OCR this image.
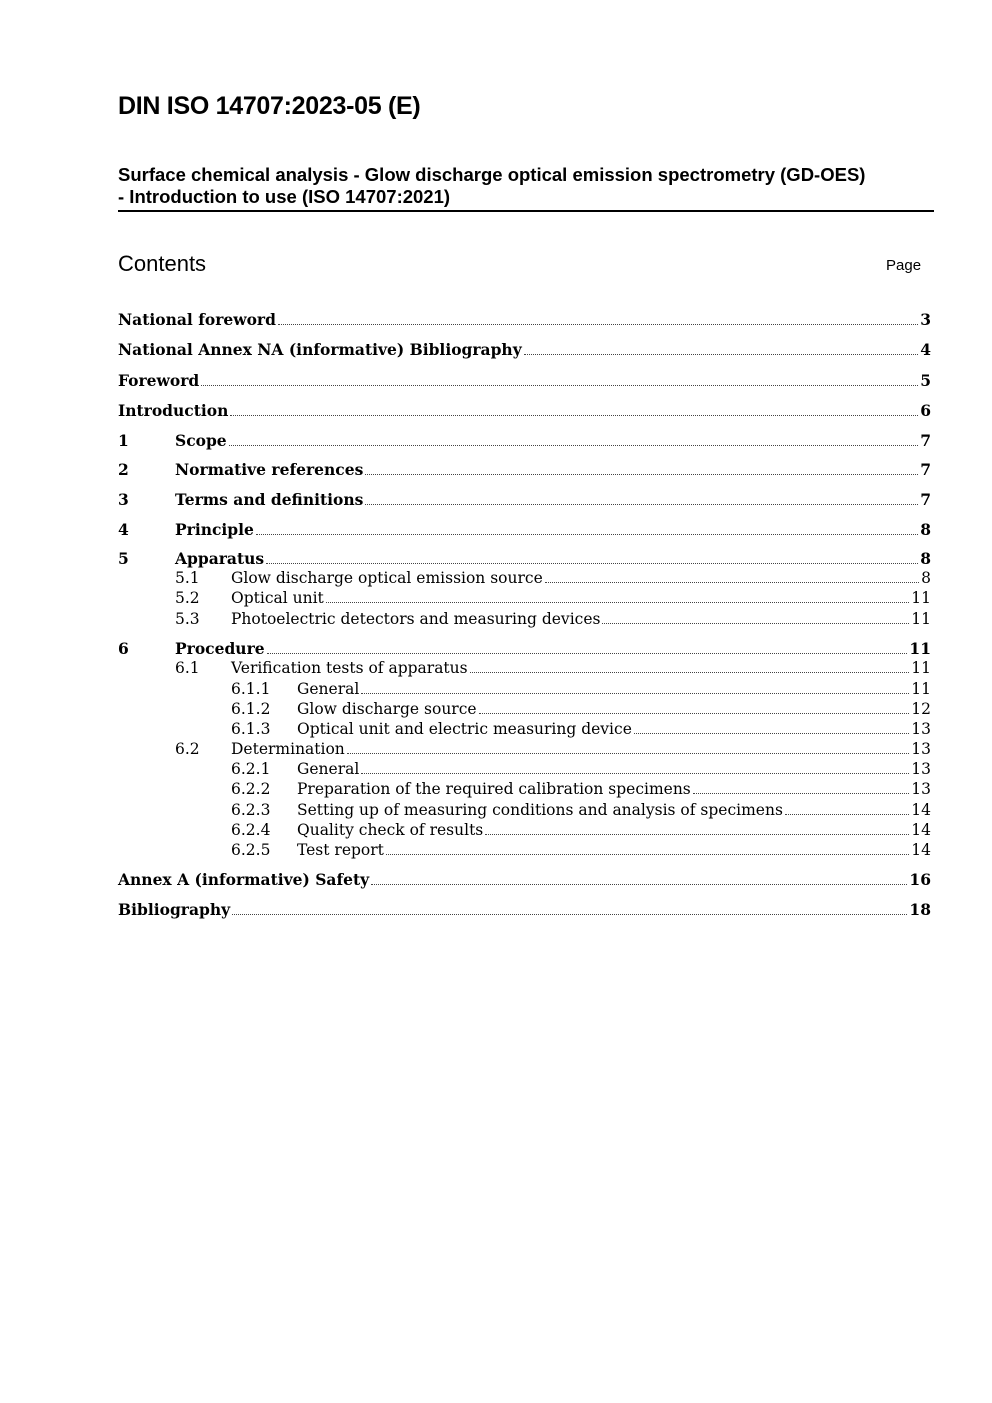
DIN ISO 14707:2023-05 (E)
Surface chemical analysis - Glow discharge optical emission spectrometry (GD-OES)
- Introduction to use (ISO 14707:2021)
Contents	Page
National foreword	3
National Annex NA (informative) Bibliography	4
Foreword	5
Introduction	6
1	Scope	7
2	Normative references	7
3	Terms and definitions	7
4	Principle	8
5	Apparatus	8
5.1	Glow discharge optical emission source	8
5.2	Optical unit	11
5.3	Photoelectric detectors and measuring devices	11
6	Procedure	11
6.1	Verification tests of apparatus	11
6.1.1	General	11
6.1.2	Glow discharge source	12
6.1.3	Optical unit and electric measuring device	13
6.2	Determination	13
6.2.1	General	13
6.2.2	Preparation of the required calibration specimens	13
6.2.3	Setting up of measuring conditions and analysis of specimens	14
6.2.4	Quality check of results	14
6.2.5	Test report	14
Annex A (informative) Safety	16
Bibliography	18
